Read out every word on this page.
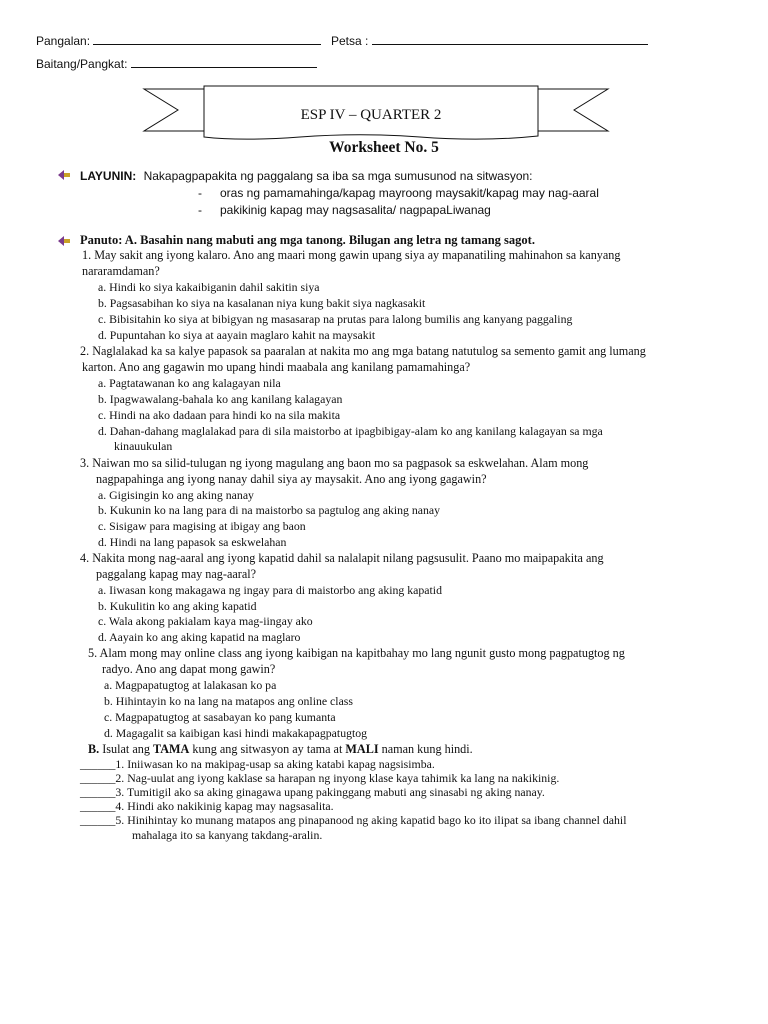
Pangalan:	Petsa :
Baitang/Pangkat:
ESP IV – QUARTER 2
Worksheet No. 5
LAYUNIN: Nakapagpapakita ng paggalang sa iba sa mga sumusunod na sitwasyon:
- oras ng pamamahinga/kapag mayroong maysakit/kapag may nag-aaral
- pakikinig kapag may nagsasalita/ nagpapaLiwanag
Panuto: A. Basahin nang mabuti ang mga tanong. Bilugan ang letra ng tamang sagot.
1. May sakit ang iyong kalaro. Ano ang maari mong gawin upang siya ay mapanatiling mahinahon sa kanyang
nararamdaman?
a. Hindi ko siya kakaibiganin dahil sakitin siya
b. Pagsasabihan ko siya na kasalanan niya kung bakit siya nagkasakit
c. Bibisitahin ko siya at bibigyan ng masasarap na prutas para lalong bumilis ang kanyang paggaling
d. Pupuntahan ko siya at aayain maglaro kahit na maysakit
2. Naglalakad ka sa kalye papasok sa paaralan at nakita mo ang mga batang natutulog sa semento gamit ang lumang
karton. Ano ang gagawin mo upang hindi maabala ang kanilang pamamahinga?
a. Pagtatawanan ko ang kalagayan nila
b. Ipagwawalang-bahala ko ang kanilang kalagayan
c. Hindi na ako dadaan para hindi ko na sila makita
d. Dahan-dahang maglalakad para di sila maistorbo at ipagbibigay-alam ko ang kanilang kalagayan sa mga
kinauukulan
3. Naiwan mo sa silid-tulugan ng iyong magulang ang baon mo sa pagpasok sa eskwelahan. Alam mong
nagpapahinga ang iyong nanay dahil siya ay maysakit. Ano ang iyong gagawin?
a. Gigisingin ko ang aking nanay
b. Kukunin ko na lang para di na maistorbo sa pagtulog ang aking nanay
c. Sisigaw para magising at ibigay ang baon
d. Hindi na lang papasok sa eskwelahan
4. Nakita mong nag-aaral ang iyong kapatid dahil sa nalalapit nilang pagsusulit. Paano mo maipapakita ang
paggalang kapag may nag-aaral?
a. Iiwasan kong makagawa ng ingay para di maistorbo ang aking kapatid
b. Kukulitin ko ang aking kapatid
c. Wala akong pakialam kaya mag-iingay ako
d. Aayain ko ang aking kapatid na maglaro
5. Alam mong may online class ang iyong kaibigan na kapitbahay mo lang ngunit gusto mong pagpatugtog ng
radyo. Ano ang dapat mong gawin?
a. Magpapatugtog at lalakasan ko pa
b. Hihintayin ko na lang na matapos ang online class
c. Magpapatugtog at sasabayan ko pang kumanta
d. Magagalit sa kaibigan kasi hindi makakapagpatugtog
B. Isulat ang TAMA kung ang sitwasyon ay tama at MALI naman kung hindi.
______1. Iniiwasan ko na makipag-usap sa aking katabi kapag nagsisimba.
______2. Nag-uulat ang iyong kaklase sa harapan ng inyong klase kaya tahimik ka lang na nakikinig.
______3. Tumitigil ako sa aking ginagawa upang pakinggang mabuti ang sinasabi ng aking nanay.
______4. Hindi ako nakikinig kapag may nagsasalita.
______5. Hinihintay ko munang matapos ang pinapanood ng aking kapatid bago ko ito ilipat sa ibang channel dahil
mahalaga ito sa kanyang takdang-aralin.
